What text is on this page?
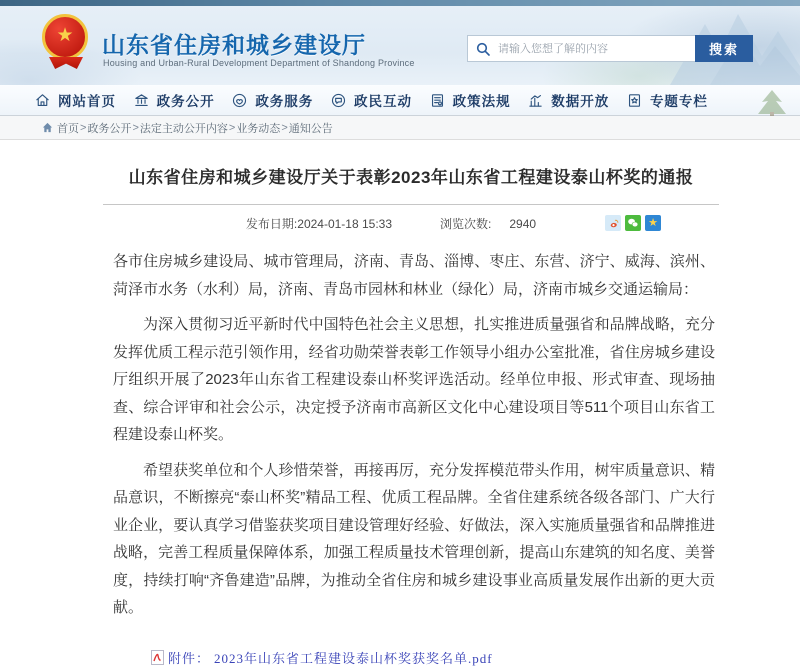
★ 山东省住房和城乡建设厅
Housing and Urban-Rural Development Department of Shandong Province
请输入您想了解的内容
搜索
网站首页	政务公开	政务服务	政民互动	政策法规	数据开放	专题专栏
首页 > 政务公开 > 法定主动公开内容 > 业务动态 > 通知公告
山东省住房和城乡建设厅关于表彰2023年山东省工程建设泰山杯奖的通报
发布日期:2024-01-18 15:33	浏览次数: 2940	★

各市住房城乡建设局、城市管理局，济南、青岛、淄博、枣庄、东营、济宁、威海、滨州、菏泽市水务（水利）局，济南、青岛市园林和林业（绿化）局，济南市城乡交通运输局：

为深入贯彻习近平新时代中国特色社会主义思想，扎实推进质量强省和品牌战略，充分发挥优质工程示范引领作用，经省功勋荣誉表彰工作领导小组办公室批准，省住房城乡建设厅组织开展了2023年山东省工程建设泰山杯奖评选活动。经单位申报、形式审查、现场抽查、综合评审和社会公示，决定授予济南市高新区文化中心建设项目等511个项目山东省工程建设泰山杯奖。

希望获奖单位和个人珍惜荣誉，再接再厉，充分发挥模范带头作用，树牢质量意识、精品意识，不断擦亮“泰山杯奖”精品工程、优质工程品牌。全省住建系统各级各部门、广大行业企业，要认真学习借鉴获奖项目建设管理好经验、好做法，深入实施质量强省和品牌推进战略，完善工程质量保障体系，加强工程质量技术管理创新，提高山东建筑的知名度、美誉度，持续打响“齐鲁建造”品牌，为推动全省住房和城乡建设事业高质量发展作出新的更大贡献。

附件： 2023年山东省工程建设泰山杯奖获奖名单.pdf
